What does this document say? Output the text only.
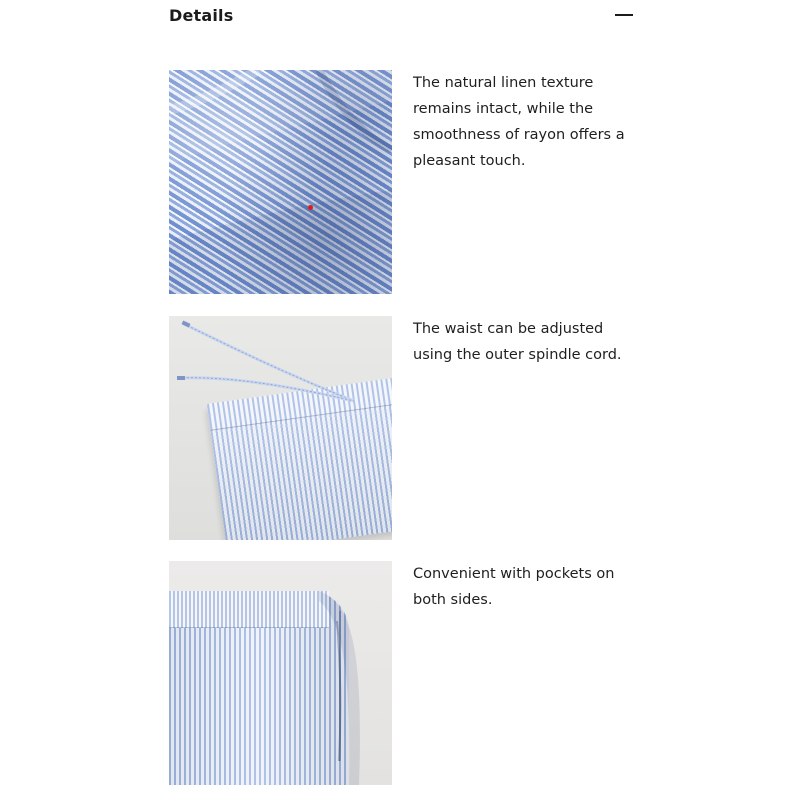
Details
The natural linen texture remains intact, while the smoothness of rayon offers a pleasant touch.
The waist can be adjusted using the outer spindle cord.
Convenient with pockets on both sides.
